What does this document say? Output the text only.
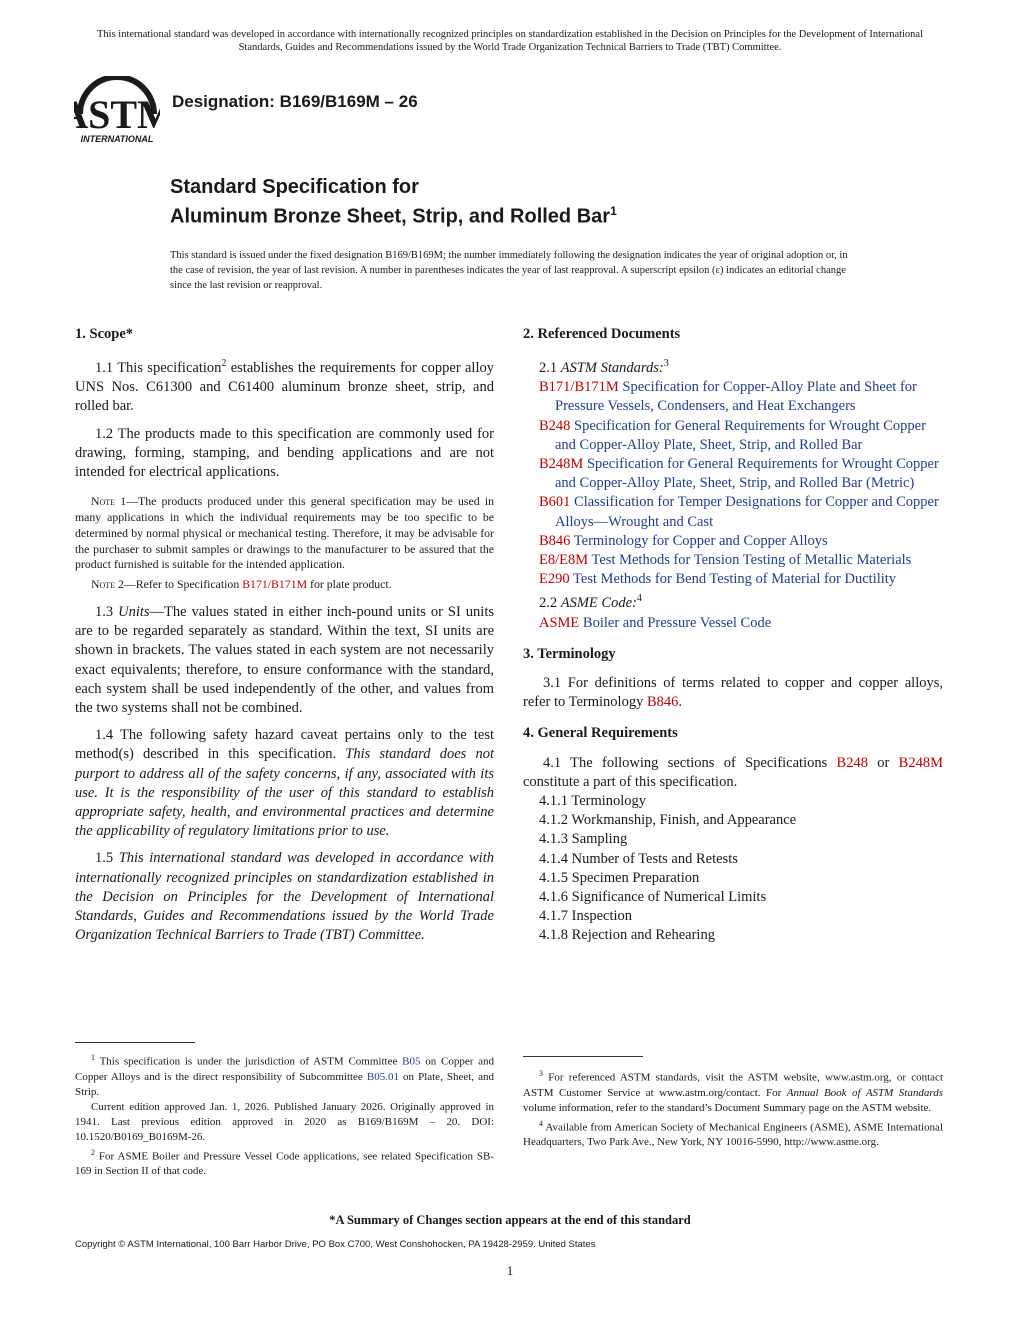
This international standard was developed in accordance with internationally recognized principles on standardization established in the Decision on Principles for the Development of International Standards, Guides and Recommendations issued by the World Trade Organization Technical Barriers to Trade (TBT) Committee.
STM
INTERNATIONAL
Designation: B169/B169M – 26
Standard Specification for
Aluminum Bronze Sheet, Strip, and Rolled Bar$^1$
This standard is issued under the fixed designation B169/B169M; the number immediately following the designation indicates the year of original adoption or, in the case of revision, the year of last revision. A number in parentheses indicates the year of last reapproval. A superscript epsilon (ε) indicates an editorial change since the last revision or reapproval.
1. Scope*

1.1 This specification$^2$ establishes the requirements for copper alloy UNS Nos. C61300 and C61400 aluminum bronze sheet, strip, and rolled bar.

1.2 The products made to this specification are commonly used for drawing, forming, stamping, and bending applications and are not intended for electrical applications.

Note 1—The products produced under this general specification may be used in many applications in which the individual requirements may be too specific to be determined by normal physical or mechanical testing. Therefore, it may be advisable for the purchaser to submit samples or drawings to the manufacturer to be assured that the product furnished is suitable for the intended application.

Note 2—Refer to Specification B171/B171M for plate product.

1.3 Units—The values stated in either inch-pound units or SI units are to be regarded separately as standard. Within the text, SI units are shown in brackets. The values stated in each system are not necessarily exact equivalents; therefore, to ensure conformance with the standard, each system shall be used independently of the other, and values from the two systems shall not be combined.

1.4 The following safety hazard caveat pertains only to the test method(s) described in this specification. This standard does not purport to address all of the safety concerns, if any, associated with its use. It is the responsibility of the user of this standard to establish appropriate safety, health, and environmental practices and determine the applicability of regulatory limitations prior to use.

1.5 This international standard was developed in accordance with internationally recognized principles on standardization established in the Decision on Principles for the Development of International Standards, Guides and Recommendations issued by the World Trade Organization Technical Barriers to Trade (TBT) Committee.

2. Referenced Documents

2.1 ASTM Standards:$^3$

B171/B171M Specification for Copper-Alloy Plate and Sheet for Pressure Vessels, Condensers, and Heat Exchangers

B248 Specification for General Requirements for Wrought Copper and Copper-Alloy Plate, Sheet, Strip, and Rolled Bar

B248M Specification for General Requirements for Wrought Copper and Copper-Alloy Plate, Sheet, Strip, and Rolled Bar (Metric)

B601 Classification for Temper Designations for Copper and Copper Alloys—Wrought and Cast

B846 Terminology for Copper and Copper Alloys

E8/E8M Test Methods for Tension Testing of Metallic Materials

E290 Test Methods for Bend Testing of Material for Ductility

2.2 ASME Code:$^4$

ASME Boiler and Pressure Vessel Code

3. Terminology

3.1 For definitions of terms related to copper and copper alloys, refer to Terminology B846.

4. General Requirements

4.1 The following sections of Specifications B248 or B248M constitute a part of this specification.

4.1.1 Terminology

4.1.2 Workmanship, Finish, and Appearance

4.1.3 Sampling

4.1.4 Number of Tests and Retests

4.1.5 Specimen Preparation

4.1.6 Significance of Numerical Limits

4.1.7 Inspection

4.1.8 Rejection and Rehearing

$^1$ This specification is under the jurisdiction of ASTM Committee B05 on Copper and Copper Alloys and is the direct responsibility of Subcommittee B05.01 on Plate, Sheet, and Strip.

Current edition approved Jan. 1, 2026. Published January 2026. Originally approved in 1941. Last previous edition approved in 2020 as B169/B169M – 20. DOI: 10.1520/B0169_B0169M-26.

$^2$ For ASME Boiler and Pressure Vessel Code applications, see related Specification SB-169 in Section II of that code.

$^3$ For referenced ASTM standards, visit the ASTM website, www.astm.org, or contact ASTM Customer Service at www.astm.org/contact. For Annual Book of ASTM Standards volume information, refer to the standard’s Document Summary page on the ASTM website.

$^4$ Available from American Society of Mechanical Engineers (ASME), ASME International Headquarters, Two Park Ave., New York, NY 10016-5990, http://www.asme.org.

*A Summary of Changes section appears at the end of this standard
Copyright © ASTM International, 100 Barr Harbor Drive, PO Box C700, West Conshohocken, PA 19428-2959. United States
1
